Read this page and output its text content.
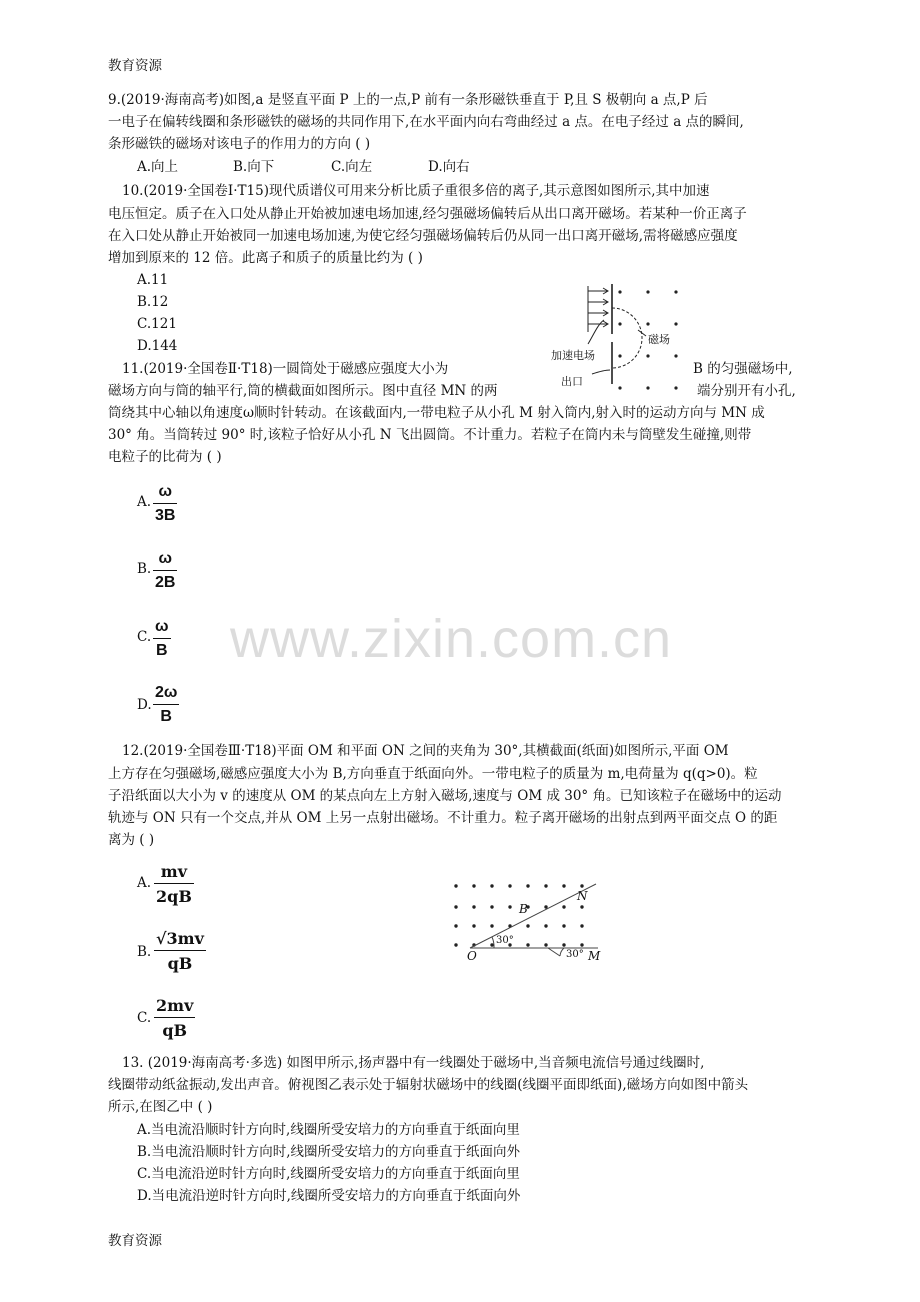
教育资源
www.zixin.com.cn
9.(2019·海南高考)如图,a 是竖直平面 P 上的一点,P 前有一条形磁铁垂直于 P,且 S 极朝向 a 点,P 后
一电子在偏转线圈和条形磁铁的磁场的共同作用下,在水平面内向右弯曲经过 a 点。在电子经过 a 点的瞬间,
条形磁铁的磁场对该电子的作用力的方向 ( )
A.向上	B.向下	C.向左	D.向右
10.(2019·全国卷Ⅰ·T15)现代质谱仪可用来分析比质子重很多倍的离子,其示意图如图所示,其中加速
电压恒定。质子在入口处从静止开始被加速电场加速,经匀强磁场偏转后从出口离开磁场。若某种一价正离子
在入口处从静止开始被同一加速电场加速,为使它经匀强磁场偏转后仍从同一出口离开磁场,需将磁感应强度
增加到原来的 12 倍。此离子和质子的质量比约为 ( )
A.11
B.12
C.121
D.144
加速电场
出口
磁场
11.(2019·全国卷Ⅱ·T18)一圆筒处于磁感应强度大小为	B 的匀强磁场中,
磁场方向与筒的轴平行,筒的横截面如图所示。图中直径 MN 的两	端分别开有小孔,
筒绕其中心轴以角速度ω顺时针转动。在该截面内,一带电粒子从小孔 M 射入筒内,射入时的运动方向与 MN 成
30° 角。当筒转过 90° 时,该粒子恰好从小孔 N 飞出圆筒。不计重力。若粒子在筒内未与筒壁发生碰撞,则带
电粒子的比荷为 ( )
A.
ω
3B
B.
ω
2B
C.
ω
B
D.
2ω
B
12.(2019·全国卷Ⅲ·T18)平面 OM 和平面 ON 之间的夹角为 30°,其横截面(纸面)如图所示,平面 OM
上方存在匀强磁场,磁感应强度大小为 B,方向垂直于纸面向外。一带电粒子的质量为 m,电荷量为 q(q>0)。粒
子沿纸面以大小为 v 的速度从 OM 的某点向左上方射入磁场,速度与 OM 成 30° 角。已知该粒子在磁场中的运动
轨迹与 ON 只有一个交点,并从 OM 上另一点射出磁场。不计重力。粒子离开磁场的出射点到两平面交点 O 的距
离为 ( )
A.
mv
2qB
B.
√3mv
qB
C.
2mv
qB
B
N
O	M
30°
30°
13. (2019·海南高考·多选) 如图甲所示,扬声器中有一线圈处于磁场中,当音频电流信号通过线圈时,
线圈带动纸盆振动,发出声音。俯视图乙表示处于辐射状磁场中的线圈(线圈平面即纸面),磁场方向如图中箭头
所示,在图乙中 ( )
A.当电流沿顺时针方向时,线圈所受安培力的方向垂直于纸面向里
B.当电流沿顺时针方向时,线圈所受安培力的方向垂直于纸面向外
C.当电流沿逆时针方向时,线圈所受安培力的方向垂直于纸面向里
D.当电流沿逆时针方向时,线圈所受安培力的方向垂直于纸面向外
教育资源
